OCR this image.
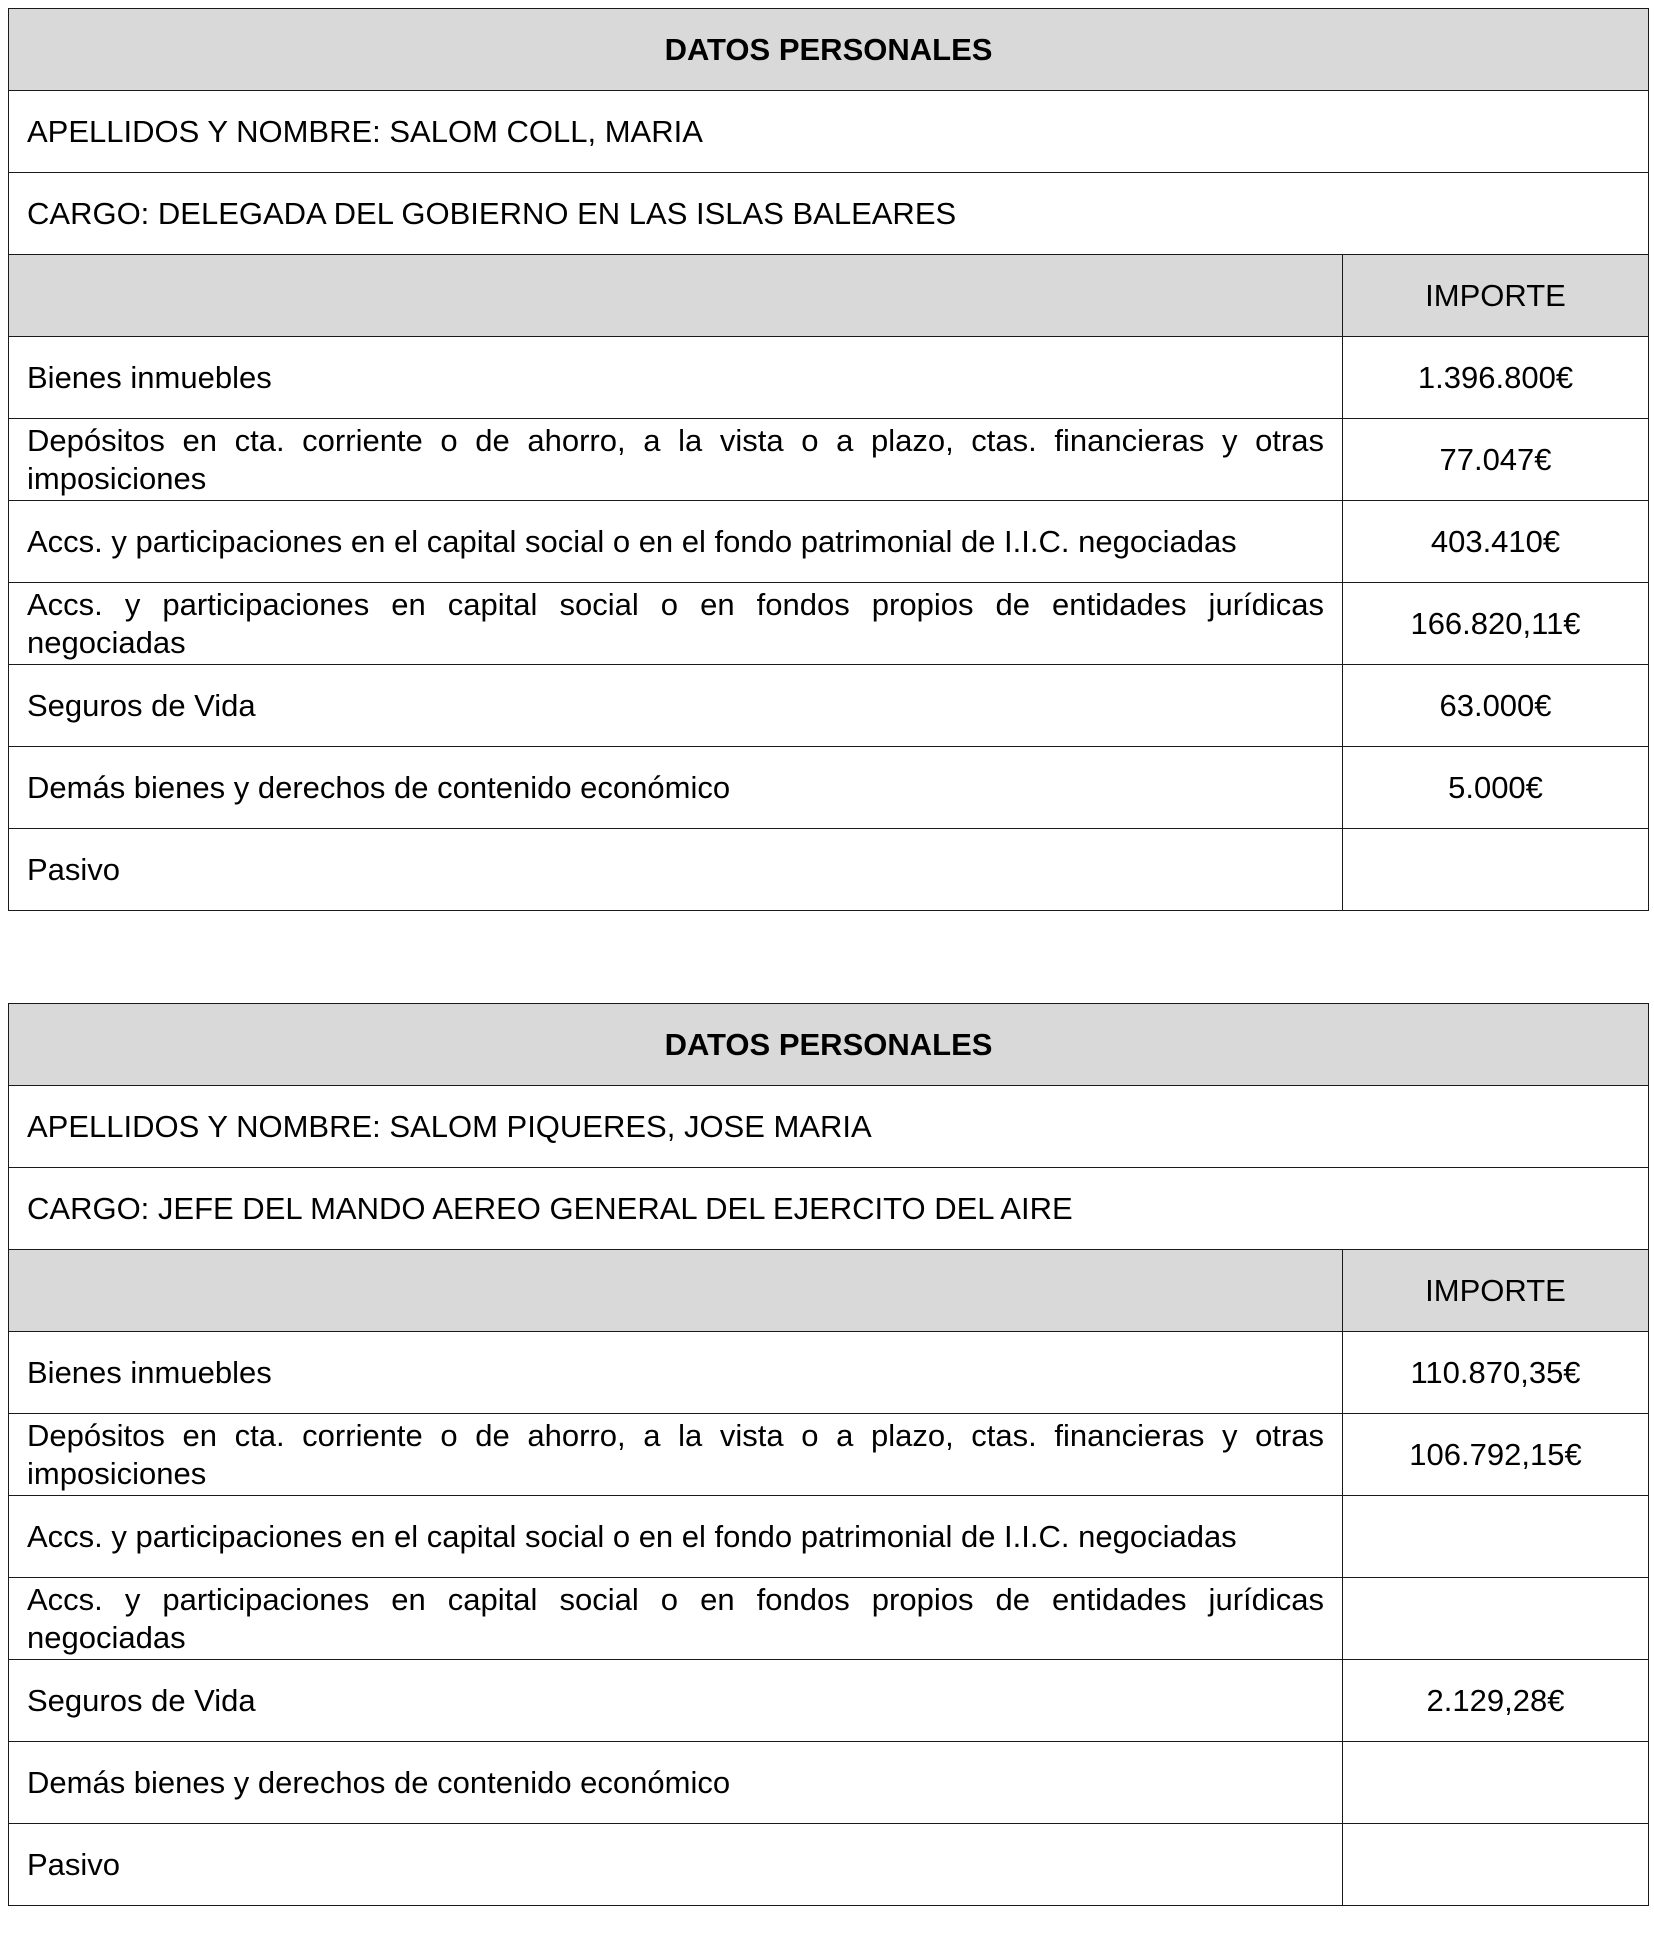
DATOS PERSONALES	
APELLIDOS Y NOMBRE: SALOM COLL, MARIA	
CARGO: DELEGADA DEL GOBIERNO EN LAS ISLAS BALEARES	
	IMPORTE
Bienes inmuebles	1.396.800€
Depósitos en cta. corriente o de ahorro, a la vista o a plazo, ctas. financieras y otras imposiciones	77.047€
Accs. y participaciones en el capital social o en el fondo patrimonial de I.I.C. negociadas	403.410€
Accs. y participaciones en capital social o en fondos propios de entidades jurídicas negociadas	166.820,11€
Seguros de Vida	63.000€
Demás bienes y derechos de contenido económico	5.000€
Pasivo	
DATOS PERSONALES	
APELLIDOS Y NOMBRE: SALOM PIQUERES, JOSE MARIA	
CARGO: JEFE DEL MANDO AEREO GENERAL DEL EJERCITO DEL AIRE	
	IMPORTE
Bienes inmuebles	110.870,35€
Depósitos en cta. corriente o de ahorro, a la vista o a plazo, ctas. financieras y otras imposiciones	106.792,15€
Accs. y participaciones en el capital social o en el fondo patrimonial de I.I.C. negociadas	
Accs. y participaciones en capital social o en fondos propios de entidades jurídicas negociadas	
Seguros de Vida	2.129,28€
Demás bienes y derechos de contenido económico	
Pasivo	
